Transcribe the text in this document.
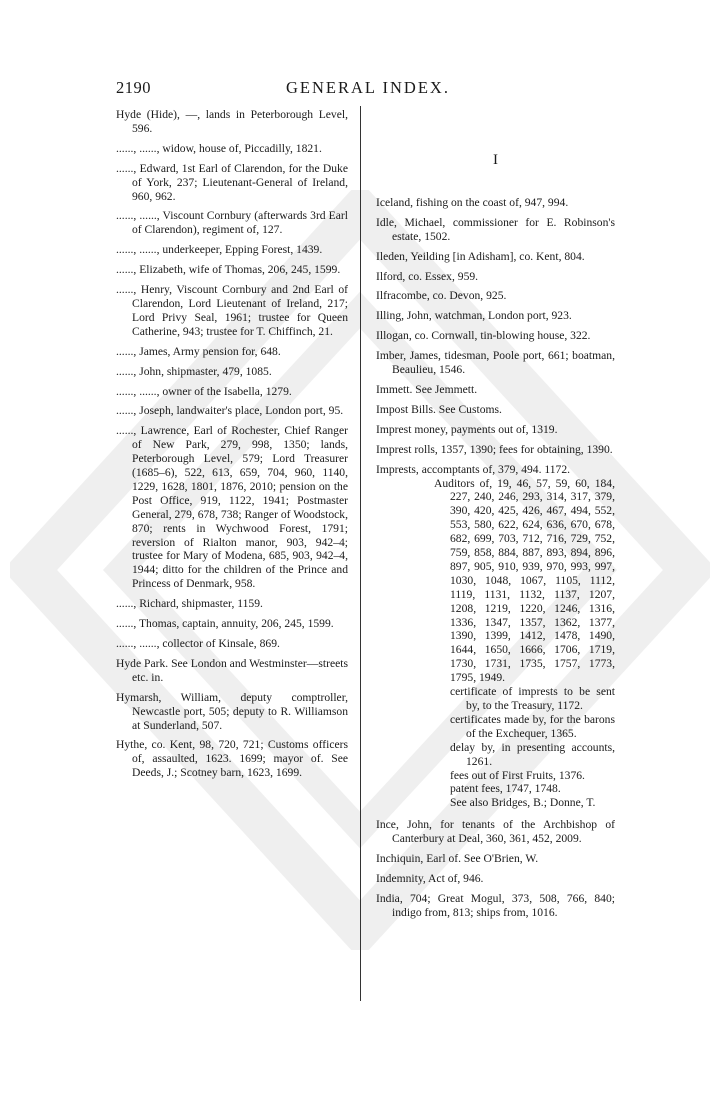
2190	GENERAL INDEX.

Hyde (Hide), —, lands in Peterborough Level, 596.

......, ......, widow, house of, Piccadilly, 1821.

......, Edward, 1st Earl of Clarendon, for the Duke of York, 237; Lieutenant-General of Ireland, 960, 962.

......, ......, Viscount Cornbury (afterwards 3rd Earl of Clarendon), regiment of, 127.

......, ......, underkeeper, Epping Forest, 1439.

......, Elizabeth, wife of Thomas, 206, 245, 1599.

......, Henry, Viscount Cornbury and 2nd Earl of Clarendon, Lord Lieutenant of Ireland, 217; Lord Privy Seal, 1961; trustee for Queen Catherine, 943; trustee for T. Chiffinch, 21.

......, James, Army pension for, 648.

......, John, shipmaster, 479, 1085.

......, ......, owner of the Isabella, 1279.

......, Joseph, landwaiter's place, London port, 95.

......, Lawrence, Earl of Rochester, Chief Ranger of New Park, 279, 998, 1350; lands, Peterborough Level, 579; Lord Treasurer (1685–6), 522, 613, 659, 704, 960, 1140, 1229, 1628, 1801, 1876, 2010; pension on the Post Office, 919, 1122, 1941; Postmaster General, 279, 678, 738; Ranger of Woodstock, 870; rents in Wychwood Forest, 1791; reversion of Rialton manor, 903, 942–4; trustee for Mary of Modena, 685, 903, 942–4, 1944; ditto for the children of the Prince and Princess of Denmark, 958.

......, Richard, shipmaster, 1159.

......, Thomas, captain, annuity, 206, 245, 1599.

......, ......, collector of Kinsale, 869.

Hyde Park. See London and Westminster—streets etc. in.

Hymarsh, William, deputy comptroller, Newcastle port, 505; deputy to R. Williamson at Sunderland, 507.

Hythe, co. Kent, 98, 720, 721; Customs officers of, assaulted, 1623. 1699; mayor of. See Deeds, J.; Scotney barn, 1623, 1699.

I

Iceland, fishing on the coast of, 947, 994.

Idle, Michael, commissioner for E. Robinson's estate, 1502.

Ileden, Yeilding [in Adisham], co. Kent, 804.

Ilford, co. Essex, 959.

Ilfracombe, co. Devon, 925.

Illing, John, watchman, London port, 923.

Illogan, co. Cornwall, tin-blowing house, 322.

Imber, James, tidesman, Poole port, 661; boatman, Beaulieu, 1546.

Immett. See Jemmett.

Impost Bills. See Customs.

Imprest money, payments out of, 1319.

Imprest rolls, 1357, 1390; fees for obtaining, 1390.

Imprests, accomptants of, 379, 494. 1172.

Auditors of, 19, 46, 57, 59, 60, 184, 227, 240, 246, 293, 314, 317, 379, 390, 420, 425, 426, 467, 494, 552, 553, 580, 622, 624, 636, 670, 678, 682, 699, 703, 712, 716, 729, 752, 759, 858, 884, 887, 893, 894, 896, 897, 905, 910, 939, 970, 993, 997, 1030, 1048, 1067, 1105, 1112, 1119, 1131, 1132, 1137, 1207, 1208, 1219, 1220, 1246, 1316, 1336, 1347, 1357, 1362, 1377, 1390, 1399, 1412, 1478, 1490, 1644, 1650, 1666, 1706, 1719, 1730, 1731, 1735, 1757, 1773, 1795, 1949.

certificate of imprests to be sent by, to the Treasury, 1172.

certificates made by, for the barons of the Exchequer, 1365.

delay by, in presenting accounts, 1261.

fees out of First Fruits, 1376.

patent fees, 1747, 1748.

See also Bridges, B.; Donne, T.

Ince, John, for tenants of the Archbishop of Canterbury at Deal, 360, 361, 452, 2009.

Inchiquin, Earl of. See O'Brien, W.

Indemnity, Act of, 946.

India, 704; Great Mogul, 373, 508, 766, 840; indigo from, 813; ships from, 1016.
